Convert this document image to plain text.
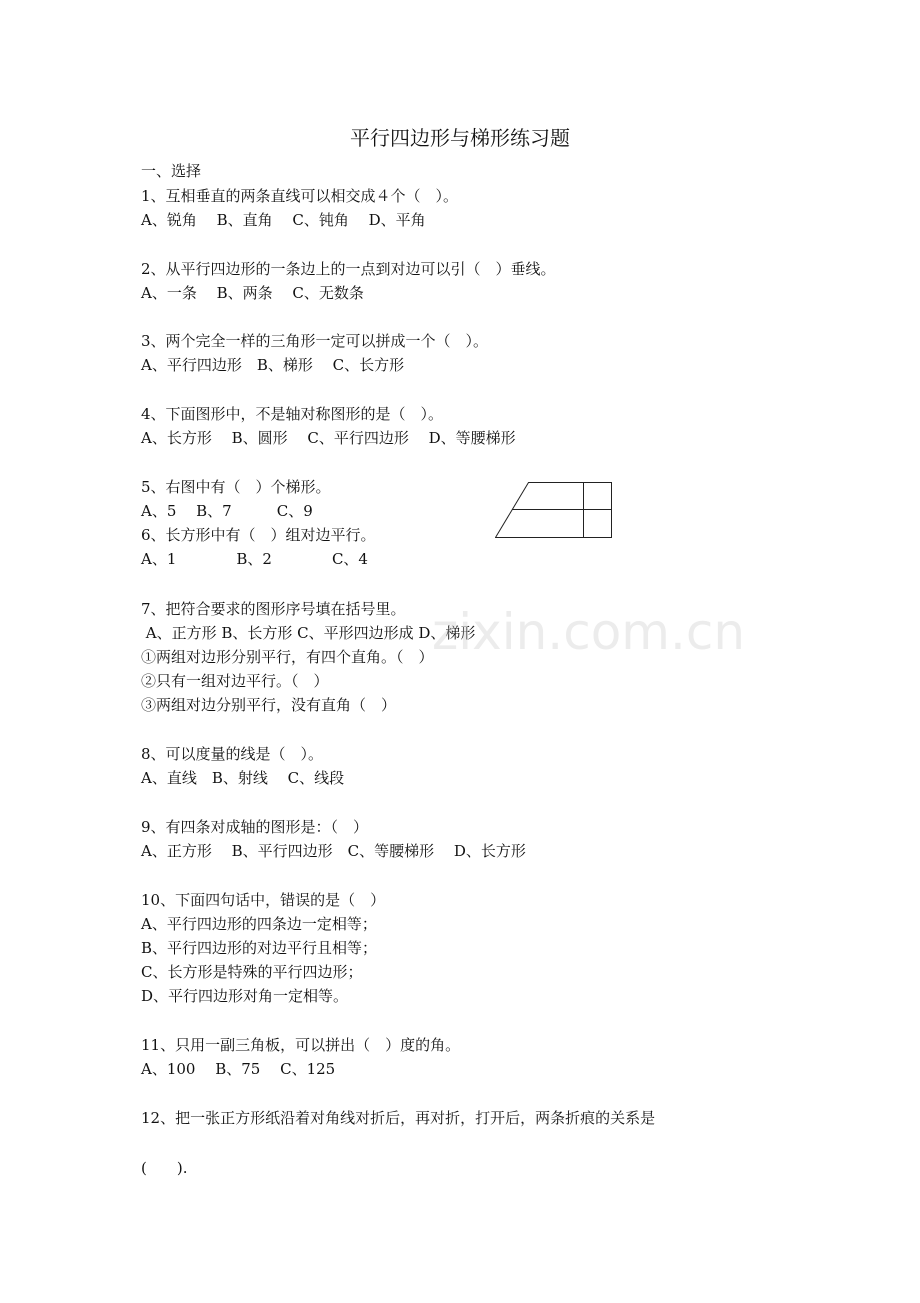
平行四边形与梯形练习题
一、选择
1、互相垂直的两条直线可以相交成４个（　）。
A、锐角　 B、直角　 C、钝角　 D、平角
2、从平行四边形的一条边上的一点到对边可以引（　）垂线。
A、一条　 B、两条　 C、无数条
3、两个完全一样的三角形一定可以拼成一个（　）。
A、平行四边形　B、梯形　 C、长方形
4、下面图形中，不是轴对称图形的是（　）。
A、长方形　 B、圆形　 C、平行四边形　 D、等腰梯形
5、右图中有（　）个梯形。
A、5　 B、7　　　C、9
6、长方形中有（　）组对边平行。
A、1　　　　B、2　　　　C、4
7、把符合要求的图形序号填在括号里。
A、正方形 B、长方形 C、平形四边形成 D、梯形
①两组对边形分别平行，有四个直角。（　）
②只有一组对边平行。（　）
③两组对边分别平行，没有直角（　）
8、可以度量的线是（　）。
A、直线　B、射线　 C、线段
9、有四条对成轴的图形是：（　）
A、正方形　 B、平行四边形　C、等腰梯形　 D、长方形
10、下面四句话中，错误的是（　）
A、平行四边形的四条边一定相等；
B、平行四边形的对边平行且相等；
C、长方形是特殊的平行四边形；
D、平行四边形对角一定相等。
11、只用一副三角板，可以拼出（　）度的角。
A、100　 B、75　 C、125
12、把一张正方形纸沿着对角线对折后，再对折，打开后，两条折痕的关系是
(　　).
zixin.com.cn
